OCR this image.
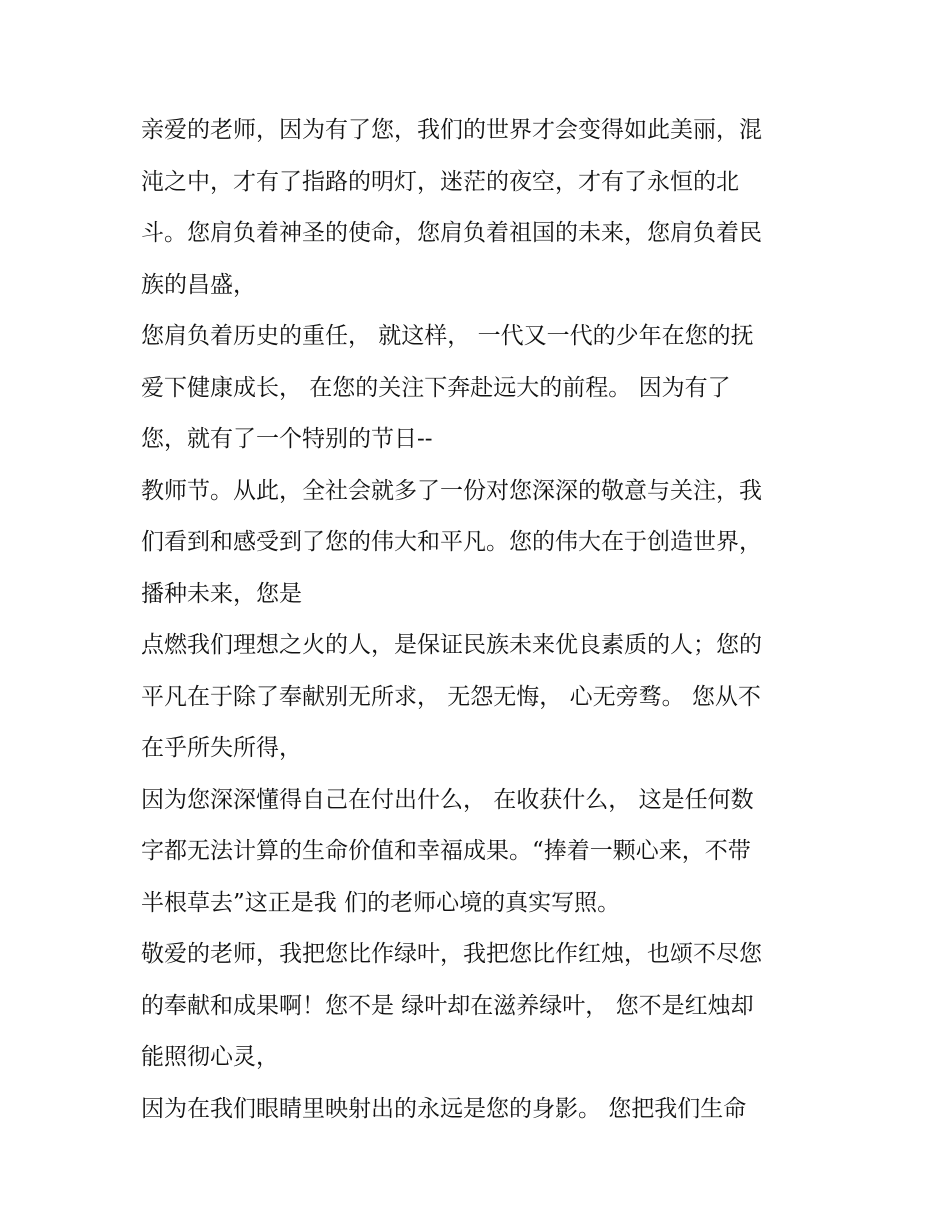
亲爱的老师，因为有了您，我们的世界才会变得如此美丽，混
沌之中，才有了指路的明灯，迷茫的夜空，才有了永恒的北
斗。您肩负着神圣的使命，您肩负着祖国的未来，您肩负着民
族的昌盛，
您肩负着历史的重任， 就这样， 一代又一代的少年在您的抚
爱下健康成长， 在您的关注下奔赴远大的前程。 因为有了
您，就有了一个特别的节日--
教师节。从此，全社会就多了一份对您深深的敬意与关注，我
们看到和感受到了您的伟大和平凡。您的伟大在于创造世界，
播种未来，您是
点燃我们理想之火的人，是保证民族未来优良素质的人；您的
平凡在于除了奉献别无所求， 无怨无悔， 心无旁骛。 您从不
在乎所失所得，
因为您深深懂得自己在付出什么， 在收获什么， 这是任何数
字都无法计算的生命价值和幸福成果。“捧着一颗心来，不带
半根草去”这正是我 们的老师心境的真实写照。
敬爱的老师，我把您比作绿叶，我把您比作红烛，也颂不尽您
的奉献和成果啊！您不是 绿叶却在滋养绿叶， 您不是红烛却
能照彻心灵，
因为在我们眼睛里映射出的永远是您的身影。 您把我们生命
